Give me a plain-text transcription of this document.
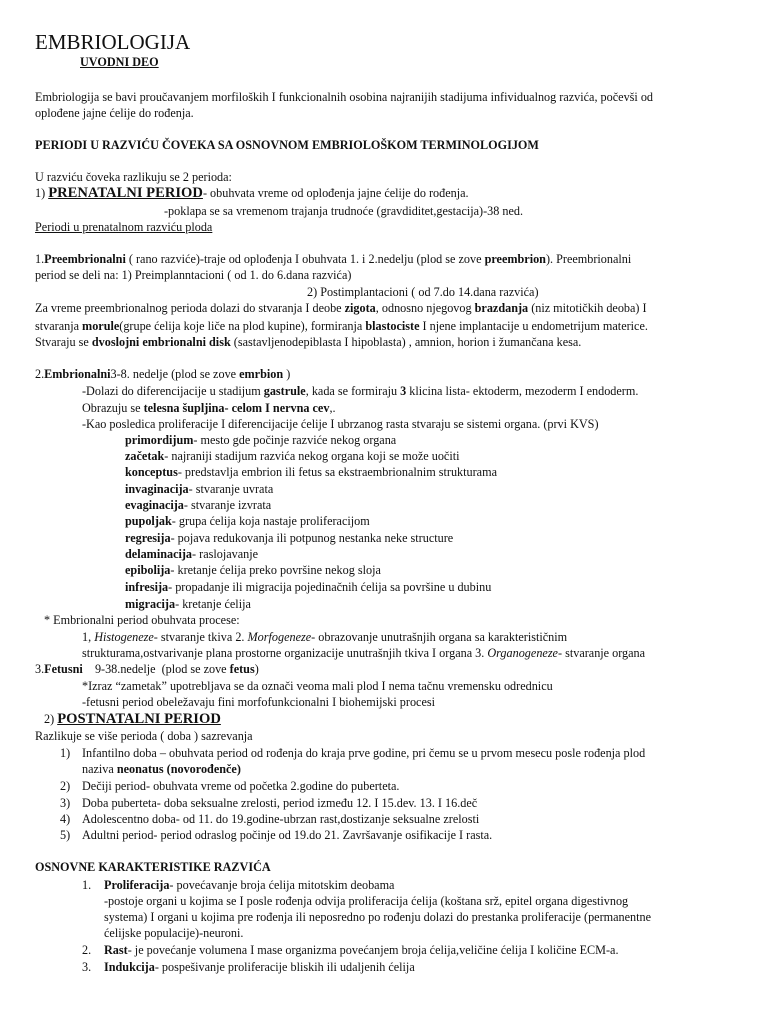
EMBRIOLOGIJA
UVODNI DEO
Embriologija se bavi proučavanjem morfiloških I funkcionalnih osobina najranijih stadijuma infividualnog razvića, počevši od
oplođene jajne ćelije do rođenja.
PERIODI U RAZVIĆU ČOVEKA SA OSNOVNOM EMBRIOLOŠKOM TERMINOLOGIJOM
U razviću čoveka razlikuju se 2 perioda:
1) PRENATALNI PERIOD- obuhvata vreme od oplođenja jajne ćelije do rođenja.
-poklapa se sa vremenom trajanja trudnoće (gravdiditet,gestacija)-38 ned.
Periodi u prenatalnom razviću ploda
1.Preembrionalni ( rano razviće)-traje od oplođenja I obuhvata 1. i 2.nedelju (plod se zove preembrion). Preembrionalni
period se deli na: 1) Preimplanntacioni ( od 1. do 6.dana razvića)
2) Postimplantacioni ( od 7.do 14.dana razvića)
Za vreme preembrionalnog perioda dolazi do stvaranja I deobe zigota, odnosno njegovog brazdanja (niz mitotičkih deoba) I
stvaranja morule(grupe ćelija koje liče na plod kupine), formiranja blastociste I njene implantacije u endometrijum materice.
Stvaraju se dvoslojni embrionalni disk (sastavljenodepiblasta I hipoblasta) , amnion, horion i žumančana kesa.
2.Embrionalni3-8. nedelje (plod se zove emrbion )
-Dolazi do diferencijacije u stadijum gastrule, kada se formiraju 3 klicina lista- ektoderm, mezoderm I endoderm.
Obrazuju se telesna šupljina- celom I nervna cev,.
-Kao posledica proliferacije I diferencijacije ćelije I ubrzanog rasta stvaraju se sistemi organa. (prvi KVS)
primordijum- mesto gde počinje razviće nekog organa
začetak- najraniji stadijum razvića nekog organa koji se može uočiti
konceptus- predstavlja embrion ili fetus sa ekstraembrionalnim strukturama
invaginacija- stvaranje uvrata
evaginacija- stvaranje izvrata
pupoljak- grupa ćelija koja nastaje proliferacijom
regresija- pojava redukovanja ili potpunog nestanka neke structure
delaminacija- raslojavanje
epibolija- kretanje ćelija preko površine nekog sloja
infresija- propadanje ili migracija pojedinačnih ćelija sa površine u dubinu
migracija- kretanje ćelija
* Embrionalni period obuhvata procese:
1, Histogeneze- stvaranje tkiva 2. Morfogeneze- obrazovanje unutrašnjih organa sa karakterističnim
strukturama,ostvarivanje plana prostorne organizacije unutrašnjih tkiva I organa 3. Organogeneze- stvaranje organa
3.Fetusni    9-38.nedelje  (plod se zove fetus)
*Izraz “zametak” upotrebljava se da označi veoma mali plod I nema tačnu vremensku odrednicu
-fetusni period obeležavaju fini morfofunkcionalni I biohemijski procesi
2) POSTNATALNI PERIOD
Razlikuje se više perioda ( doba ) sazrevanja
1) Infantilno doba – obuhvata period od rođenja do kraja prve godine, pri čemu se u prvom mesecu posle rođenja plod
naziva neonatus (novorođenče)
2) Dečiji period- obuhvata vreme od početka 2.godine do puberteta.
3) Doba puberteta- doba seksualne zrelosti, period između 12. I 15.dev. 13. I 16.deč
4) Adolescentno doba- od 11. do 19.godine-ubrzan rast,dostizanje seksualne zrelosti
5) Adultni period- period odraslog počinje od 19.do 21. Završavanje osifikacije I rasta.
OSNOVNE KARAKTERISTIKE RAZVIĆA
1. Proliferacija- povećavanje broja ćelija mitotskim deobama
-postoje organi u kojima se I posle rođenja odvija proliferacija ćelija (koštana srž, epitel organa digestivnog
systema) I organi u kojima pre rođenja ili neposredno po rođenju dolazi do prestanka proliferacije (permanentne
ćelijske populacije)-neuroni.
2. Rast- je povećanje volumena I mase organizma povećanjem broja ćelija,veličine ćelija I količine ECM-a.
3. Indukcija- pospešivanje proliferacije bliskih ili udaljenih ćelija
